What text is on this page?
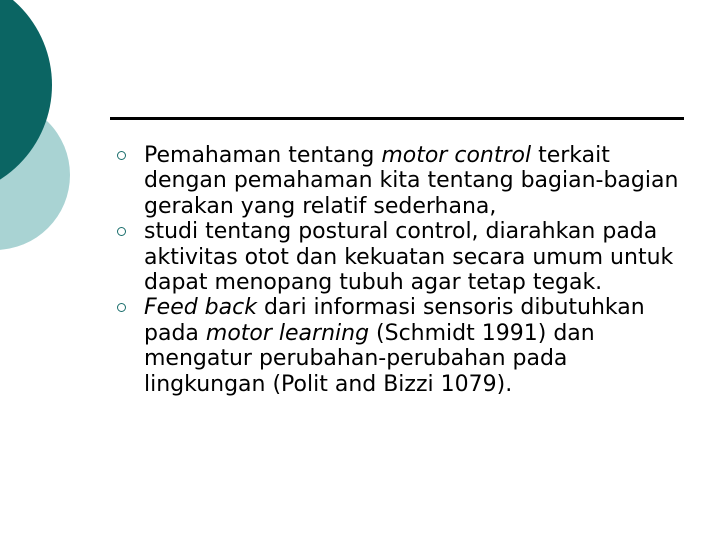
Pemahaman tentang motor control terkait dengan pemahaman kita tentang bagian-bagian gerakan yang relatif sederhana,
studi tentang postural control, diarahkan pada aktivitas otot dan kekuatan secara umum untuk dapat menopang tubuh agar tetap tegak.
Feed back dari informasi sensoris dibutuhkan pada motor learning (Schmidt 1991) dan mengatur perubahan-perubahan pada lingkungan (Polit and Bizzi 1079).
